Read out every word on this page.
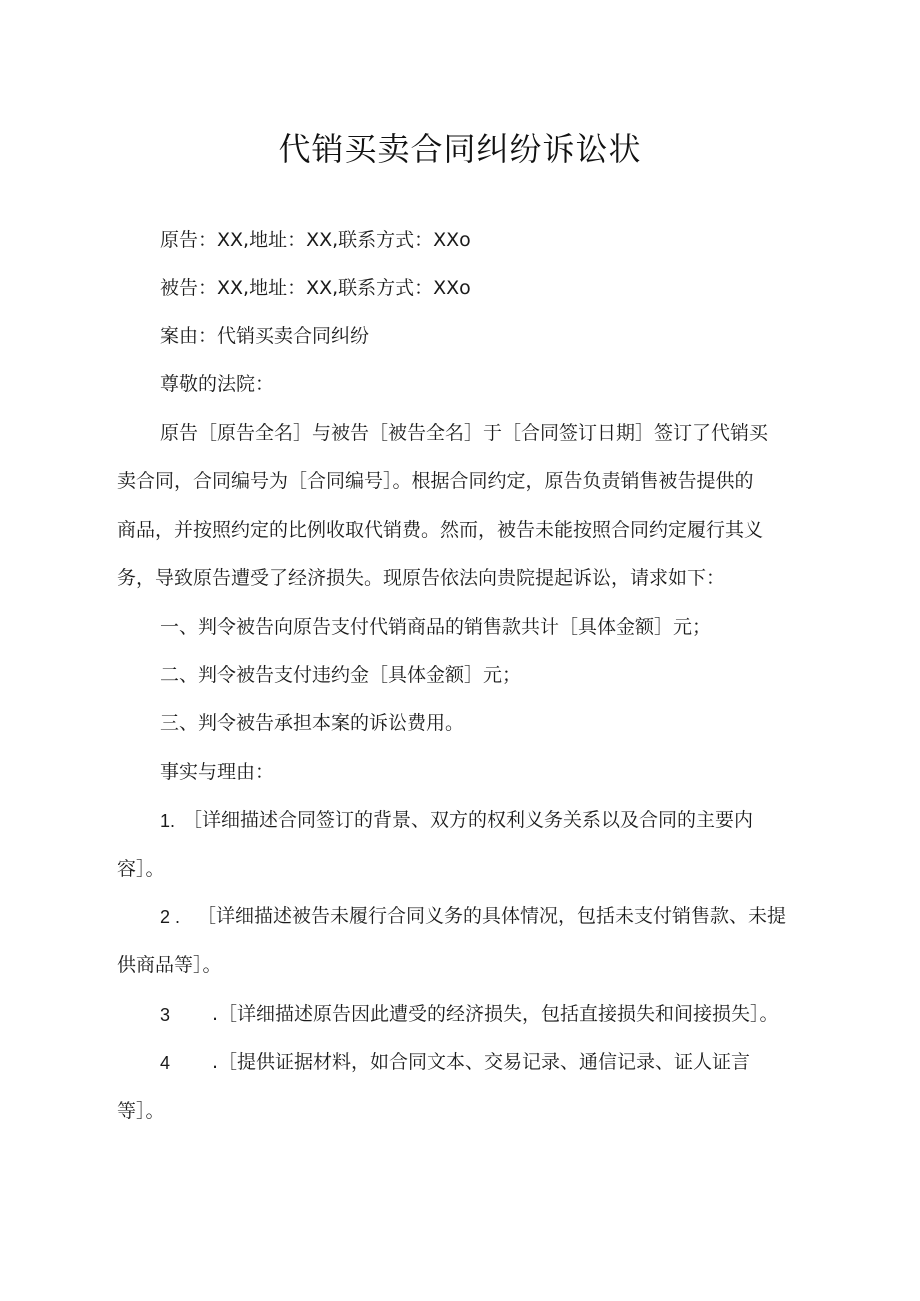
代销买卖合同纠纷诉讼状
原告：XX,地址：XX,联系方式：XXo
被告：XX,地址：XX,联系方式：XXo
案由：代销买卖合同纠纷
尊敬的法院：
原告［原告全名］与被告［被告全名］于［合同签订日期］签订了代销买
卖合同，合同编号为［合同编号］。根据合同约定，原告负责销售被告提供的
商品，并按照约定的比例收取代销费。然而，被告未能按照合同约定履行其义
务，导致原告遭受了经济损失。现原告依法向贵院提起诉讼，请求如下：
一、判令被告向原告支付代销商品的销售款共计［具体金额］元；
二、判令被告支付违约金［具体金额］元；
三、判令被告承担本案的诉讼费用。
事实与理由：
1. ［详细描述合同签订的背景、双方的权利义务关系以及合同的主要内
容］。
2 . ［详细描述被告未履行合同义务的具体情况，包括未支付销售款、未提
供商品等］。
3 .［详细描述原告因此遭受的经济损失，包括直接损失和间接损失］。
4 .［提供证据材料，如合同文本、交易记录、通信记录、证人证言
等］。
